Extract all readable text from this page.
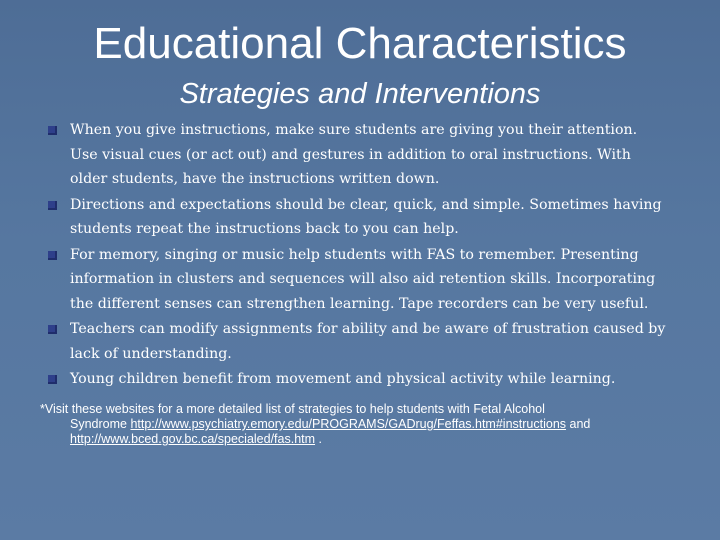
Educational Characteristics
Strategies and Interventions
When you give instructions, make sure students are giving you their attention. Use visual cues (or act out) and gestures in addition to oral instructions. With older students, have the instructions written down.
Directions and expectations should be clear, quick, and simple. Sometimes having students repeat the instructions back to you can help.
For memory, singing or music help students with FAS to remember. Presenting information in clusters and sequences will also aid retention skills. Incorporating the different senses can strengthen learning. Tape recorders can be very useful.
Teachers can modify assignments for ability and be aware of frustration caused by lack of understanding.
Young children benefit from movement and physical activity while learning.
*Visit these websites for a more detailed list of strategies to help students with Fetal Alcohol
Syndrome http://www.psychiatry.emory.edu/PROGRAMS/GADrug/Feffas.htm#instructions and
http://www.bced.gov.bc.ca/specialed/fas.htm .
